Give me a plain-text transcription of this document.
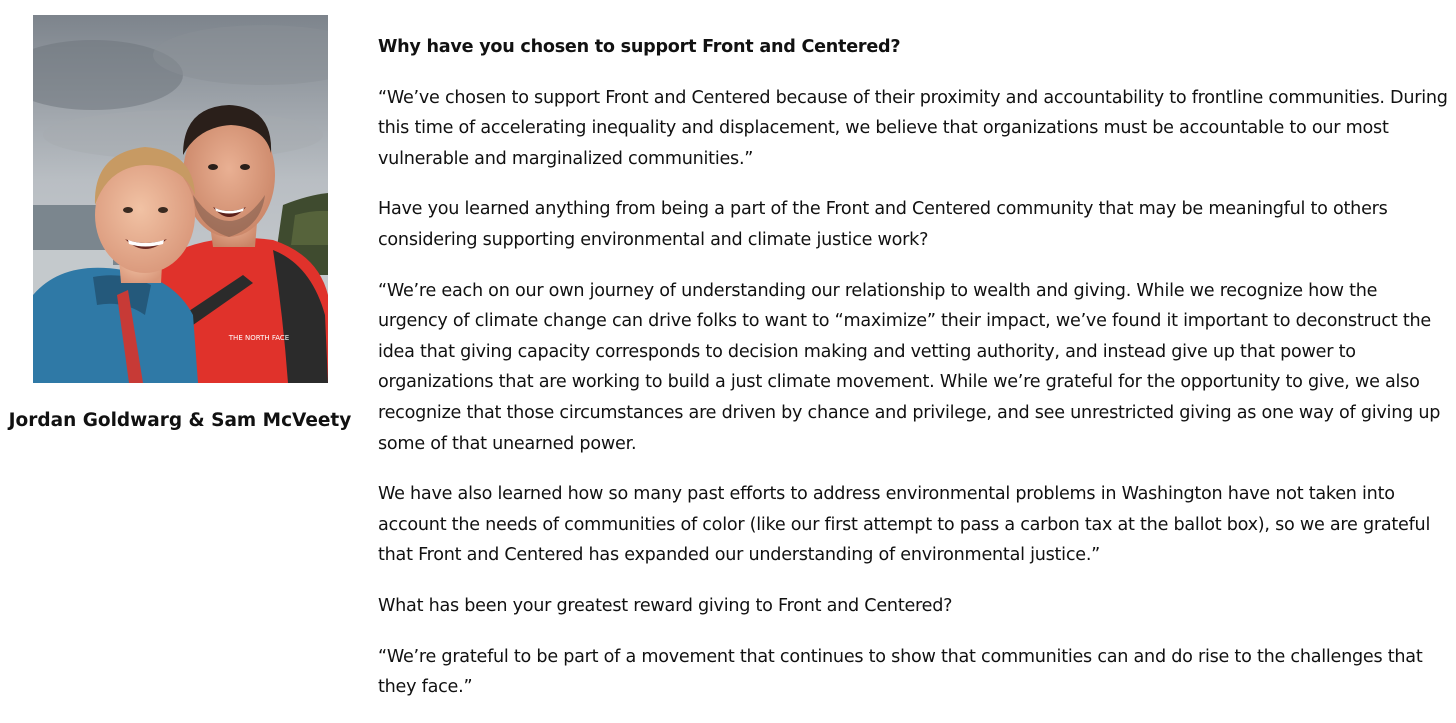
THE NORTH FACE

Jordan Goldwarg & Sam McVeety

Why have you chosen to support Front and Centered?

“We’ve chosen to support Front and Centered because of their proximity and accountability to frontline communities. During this time of accelerating inequality and displacement, we believe that organizations must be accountable to our most vulnerable and marginalized communities.”

Have you learned anything from being a part of the Front and Centered community that may be meaningful to others considering supporting environmental and climate justice work?

“We’re each on our own journey of understanding our relationship to wealth and giving. While we recognize how the urgency of climate change can drive folks to want to “maximize” their impact, we’ve found it important to deconstruct the idea that giving capacity corresponds to decision making and vetting authority, and instead give up that power to organizations that are working to build a just climate movement. While we’re grateful for the opportunity to give, we also recognize that those circumstances are driven by chance and privilege, and see unrestricted giving as one way of giving up some of that unearned power.

We have also learned how so many past efforts to address environmental problems in Washington have not taken into account the needs of communities of color (like our first attempt to pass a carbon tax at the ballot box), so we are grateful that Front and Centered has expanded our understanding of environmental justice.”

What has been your greatest reward giving to Front and Centered?

“We’re grateful to be part of a movement that continues to show that communities can and do rise to the challenges that they face.”
